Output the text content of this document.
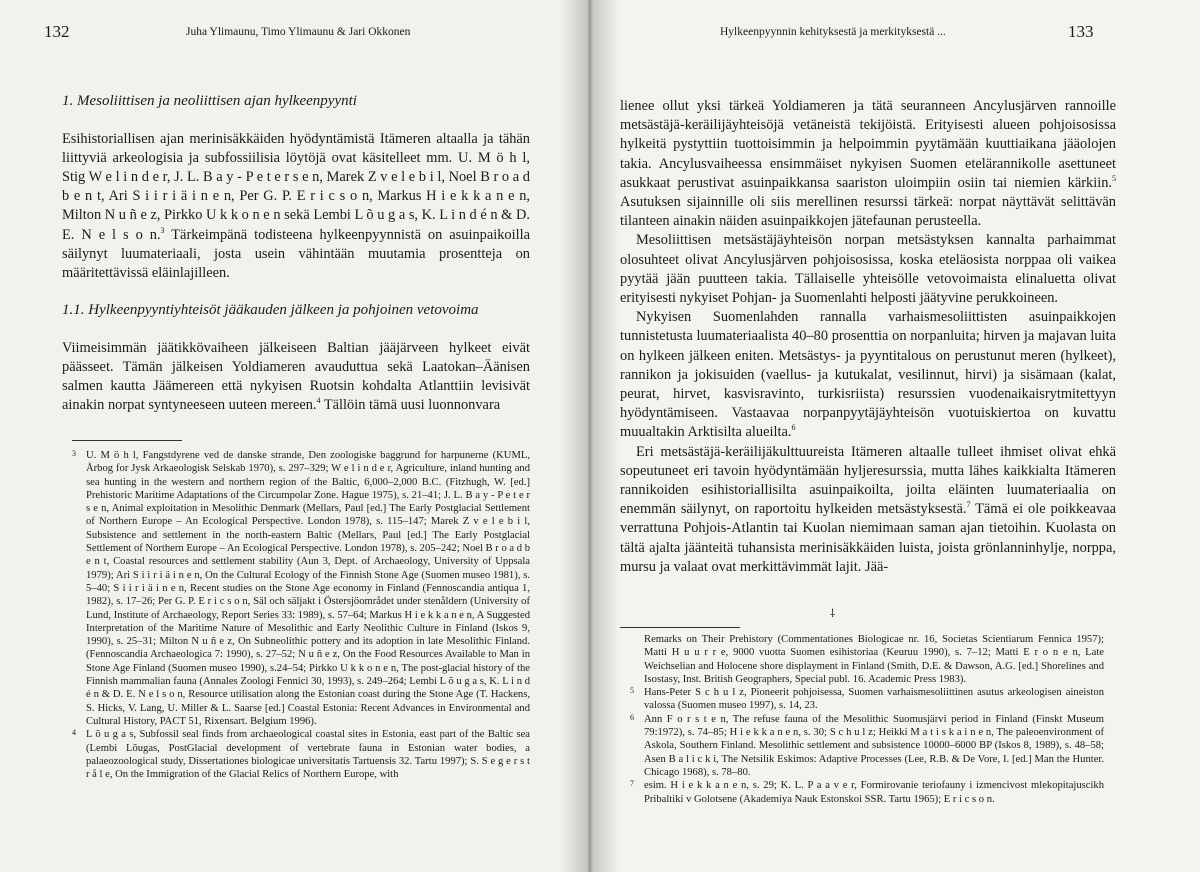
132	Juha Ylimaunu, Timo Ylimaunu & Jari Okkonen

1. Mesoliittisen ja neoliittisen ajan hylkeenpyynti

Esihistoriallisen ajan merinisäkkäiden hyödyntämistä Itämeren altaalla ja tähän liittyviä arkeologisia ja subfossiilisia löytöjä ovat käsitelleet mm. U. M ö h l, Stig W e l i n d e r, J. L. B a y - P e t e r s e n, Marek Z v e l e b i l, Noel B r o a d b e n t, Ari S i i r i ä i n e n, Per G. P. E r i c s o n, Markus H i e k k a n e n, Milton N u ñ e z, Pirkko U k k o n e n sekä Lembi L õ u g a s, K. L i n d é n & D. E. N e l s o n.$^3$ Tärkeimpänä todisteena hylkeenpyynnistä on asuinpaikoilla säilynyt luumateriaali, josta usein vähintään muutamia prosentteja on määritettävissä eläinlajilleen.

1.1. Hylkeenpyyntiyhteisöt jääkauden jälkeen ja pohjoinen vetovoima

Viimeisimmän jäätikkövaiheen jälkeiseen Baltian jääjärveen hylkeet eivät päässeet. Tämän jälkeisen Yoldiameren avauduttua sekä Laatokan–Äänisen salmen kautta Jäämereen että nykyisen Ruotsin kohdalta Atlanttiin levisivät ainakin norpat syntyneeseen uuteen mereen.$^4$ Tällöin tämä uusi luonnonvara

3 U. M ö h l, Fangstdyrene ved de danske strande, Den zoologiske baggrund for harpunerne (KUML, Årbog for Jysk Arkaeologisk Selskab 1970), s. 297–329; W e l i n d e r, Agriculture, inland hunting and sea hunting in the western and northern region of the Baltic, 6,000–2,000 B.C. (Fitzhugh, W. [ed.] Prehistoric Maritime Adaptations of the Circumpolar Zone. Hague 1975), s. 21–41; J. L. B a y - P e t e r s e n, Animal exploitation in Mesolithic Denmark (Mellars, Paul [ed.] The Early Postglacial Settlement of Northern Europe – An Ecological Perspective. London 1978), s. 115–147; Marek Z v e l e b i l, Subsistence and settlement in the north-eastern Baltic (Mellars, Paul [ed.] The Early Postglacial Settlement of Northern Europe – An Ecological Perspective. London 1978), s. 205–242; Noel B r o a d b e n t, Coastal resources and settlement stability (Aun 3, Dept. of Archaeology, University of Uppsala 1979); Ari S i i r i ä i n e n, On the Cultural Ecology of the Finnish Stone Age (Suomen museo 1981), s. 5–40; S i i r i ä i n e n, Recent studies on the Stone Age economy in Finland (Fennoscandia antiqua 1, 1982), s. 17–26; Per G. P. E r i c s o n, Säl och säljakt i Östersjöområdet under stenåldern (University of Lund, Institute of Archaeology, Report Series 33: 1989), s. 57–64; Markus H i e k k a n e n, A Suggested Interpretation of the Maritime Nature of Mesolithic and Early Neolithic Culture in Finland (Iskos 9, 1990), s. 25–31; Milton N u ñ e z, On Subneolithic pottery and its adoption in late Mesolithic Finland. (Fennoscandia Archaeologica 7: 1990), s. 27–52; N u ñ e z, On the Food Resources Available to Man in Stone Age Finland (Suomen museo 1990), s.24–54; Pirkko U k k o n e n, The post-glacial history of the Finnish mammalian fauna (Annales Zoologi Fennici 30, 1993), s. 249–264; Lembi L õ u g a s, K. L i n d é n & D. E. N e l s o n, Resource utilisation along the Estonian coast during the Stone Age (T. Hackens, S. Hicks, V. Lang, U. Miller & L. Saarse [ed.] Coastal Estonia: Recent Advances in Environmental and Cultural History, PACT 51, Rixensart. Belgium 1996).

4 L õ u g a s, Subfossil seal finds from archaeological coastal sites in Estonia, east part of the Baltic sea (Lembi Lõugas, PostGlacial development of vertebrate fauna in Estonian water bodies, a palaeozoological study, Dissertationes biologicae universitatis Tartuensis 32. Tartu 1997); S. S e g e r s t r å l e, On the Immigration of the Glacial Relics of Northern Europe, with

Hylkeenpyynnin kehityksestä ja merkityksestä ...	133

lienee ollut yksi tärkeä Yoldiameren ja tätä seuranneen Ancylusjärven rannoille metsästäjä-keräilijäyhteisöjä vetäneistä tekijöistä. Erityisesti alueen pohjoisosissa hylkeitä pystyttiin tuottoisimmin ja helpoimmin pyytämään kuuttiaikana jääolojen takia. Ancylusvaiheessa ensimmäiset nykyisen Suomen etelärannikolle asettuneet asukkaat perustivat asuinpaikkansa saariston uloimpiin osiin tai niemien kärkiin.$^5$ Asutuksen sijainnille oli siis merellinen resurssi tärkeä: norpat näyttävät selittävän tilanteen ainakin näiden asuinpaikkojen jätefaunan perusteella.

Mesoliittisen metsästäjäyhteisön norpan metsästyksen kannalta parhaimmat olosuhteet olivat Ancylusjärven pohjoisosissa, koska eteläosista norppaa oli vaikea pyytää jään puutteen takia. Tällaiselle yhteisölle vetovoimaista elinaluetta olivat erityisesti nykyiset Pohjan- ja Suomenlahti helposti jäätyvine perukkoineen.

Nykyisen Suomenlahden rannalla varhaismesoliittisten asuinpaikkojen tunnistetusta luumateriaalista 40–80 prosenttia on norpanluita; hirven ja majavan luita on hylkeen jälkeen eniten. Metsästys- ja pyyntitalous on perustunut meren (hylkeet), rannikon ja jokisuiden (vaellus- ja kutukalat, vesilinnut, hirvi) ja sisämaan (kalat, peurat, hirvet, kasvisravinto, turkisriista) resurssien vuodenaikaisrytmitettyyn hyödyntämiseen. Vastaavaa norpanpyytäjäyhteisön vuotuiskiertoa on kuvattu muualtakin Arktisilta alueilta.$^6$

Eri metsästäjä-keräilijäkulttuureista Itämeren altaalle tulleet ihmiset olivat ehkä sopeutuneet eri tavoin hyödyntämään hyljeresurssia, mutta lähes kaikkialta Itämeren rannikoiden esihistoriallisilta asuinpaikoilta, joilta eläinten luumateriaalia on enemmän säilynyt, on raportoitu hylkeiden metsästyksestä.$^7$ Tämä ei ole poikkeavaa verrattuna Pohjois-Atlantin tai Kuolan niemimaan saman ajan tietoihin. Kuolasta on tältä ajalta jäänteitä tuhansista merinisäkkäiden luista, joista grönlanninhylje, norppa, mursu ja valaat ovat merkittävimmät lajit. Jää-

⸸

Remarks on Their Prehistory (Commentationes Biologicae nr. 16, Societas Scientiarum Fennica 1957); Matti H u u r r e, 9000 vuotta Suomen esihistoriaa (Keuruu 1990), s. 7–12; Matti E r o n e n, Late Weichselian and Holocene shore displayment in Finland (Smith, D.E. & Dawson, A.G. [ed.] Shorelines and Isostasy, Inst. British Geographers, Special publ. 16. Academic Press 1983).

5 Hans-Peter S c h u l z, Pioneerit pohjoisessa, Suomen varhaismesoliittinen asutus arkeologisen aineiston valossa (Suomen museo 1997), s. 14, 23.

6 Ann F o r s t e n, The refuse fauna of the Mesolithic Suomusjärvi period in Finland (Finskt Museum 79:1972), s. 74–85; H i e k k a n e n, s. 30; S c h u l z; Heikki M a t i s k a i n e n, The paleoenvironment of Askola, Southern Finland. Mesolithic settlement and subsistence 10000–6000 BP (Iskos 8, 1989), s. 48–58; Asen B a l i c k i, The Netsilik Eskimos: Adaptive Processes (Lee, R.B. & De Vore, I. [ed.] Man the Hunter. Chicago 1968), s. 78–80.

7 esim. H i e k k a n e n, s. 29; K. L. P a a v e r, Formirovanie teriofauny i izmencivost mlekopitajuscikh Pribaltiki v Golotsene (Akademiya Nauk Estonskoi SSR. Tartu 1965); E r i c s o n.
